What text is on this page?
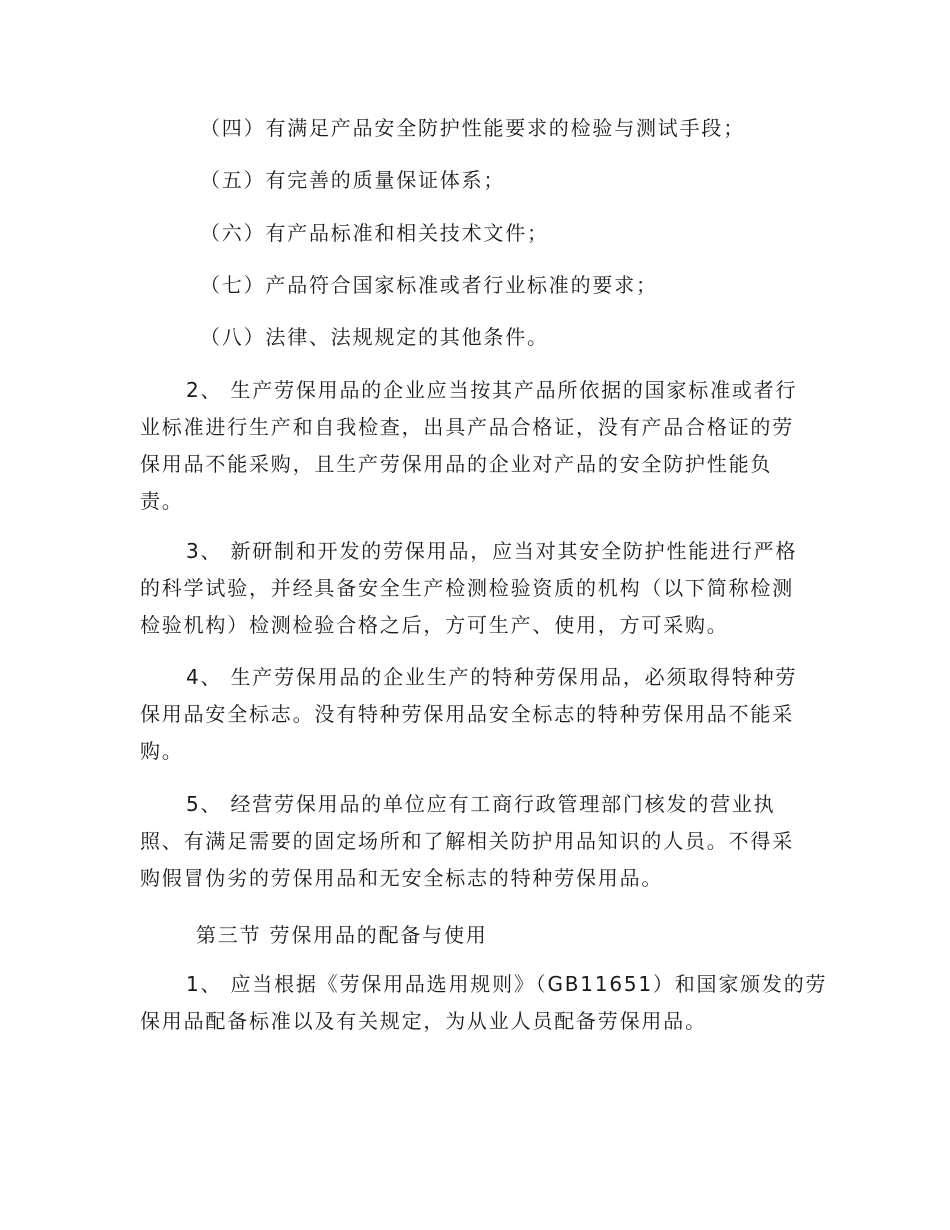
（四）有满足产品安全防护性能要求的检验与测试手段；

（五）有完善的质量保证体系；

（六）有产品标准和相关技术文件；

（七）产品符合国家标准或者行业标准的要求；

（八）法律、法规规定的其他条件。

2、 生产劳保用品的企业应当按其产品所依据的国家标准或者行
业标准进行生产和自我检查，出具产品合格证，没有产品合格证的劳
保用品不能采购，且生产劳保用品的企业对产品的安全防护性能负
责。
3、 新研制和开发的劳保用品，应当对其安全防护性能进行严格
的科学试验，并经具备安全生产检测检验资质的机构（以下简称检测
检验机构）检测检验合格之后，方可生产、使用，方可采购。
4、 生产劳保用品的企业生产的特种劳保用品，必须取得特种劳
保用品安全标志。没有特种劳保用品安全标志的特种劳保用品不能采
购。
5、 经营劳保用品的单位应有工商行政管理部门核发的营业执
照、有满足需要的固定场所和了解相关防护用品知识的人员。不得采
购假冒伪劣的劳保用品和无安全标志的特种劳保用品。

第三节 劳保用品的配备与使用

1、 应当根据《劳保用品选用规则》（GB11651）和国家颁发的劳
保用品配备标准以及有关规定，为从业人员配备劳保用品。
